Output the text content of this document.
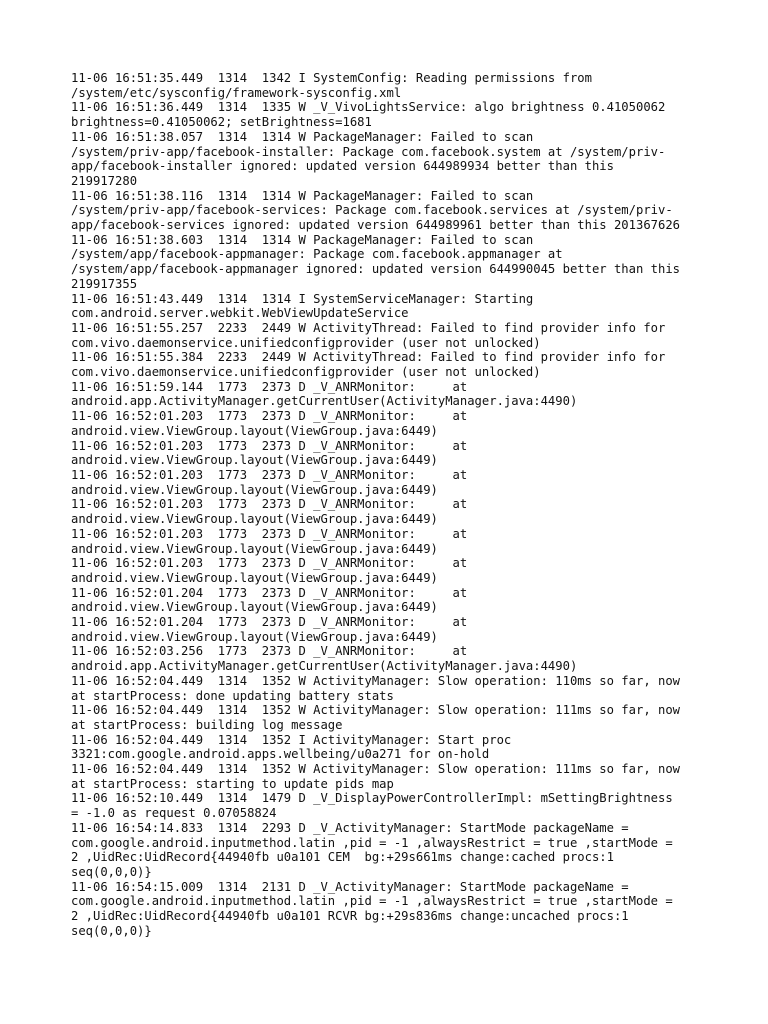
11-06 16:51:35.449  1314  1342 I SystemConfig: Reading permissions from

/system/etc/sysconfig/framework-sysconfig.xml

11-06 16:51:36.449  1314  1335 W _V_VivoLightsService: algo brightness 0.41050062

brightness=0.41050062; setBrightness=1681

11-06 16:51:38.057  1314  1314 W PackageManager: Failed to scan

/system/priv-app/facebook-installer: Package com.facebook.system at /system/priv-

app/facebook-installer ignored: updated version 644989934 better than this

219917280

11-06 16:51:38.116  1314  1314 W PackageManager: Failed to scan

/system/priv-app/facebook-services: Package com.facebook.services at /system/priv-

app/facebook-services ignored: updated version 644989961 better than this 201367626

11-06 16:51:38.603  1314  1314 W PackageManager: Failed to scan

/system/app/facebook-appmanager: Package com.facebook.appmanager at

/system/app/facebook-appmanager ignored: updated version 644990045 better than this

219917355

11-06 16:51:43.449  1314  1314 I SystemServiceManager: Starting

com.android.server.webkit.WebViewUpdateService

11-06 16:51:55.257  2233  2449 W ActivityThread: Failed to find provider info for

com.vivo.daemonservice.unifiedconfigprovider (user not unlocked)

11-06 16:51:55.384  2233  2449 W ActivityThread: Failed to find provider info for

com.vivo.daemonservice.unifiedconfigprovider (user not unlocked)

11-06 16:51:59.144  1773  2373 D _V_ANRMonitor:     at

android.app.ActivityManager.getCurrentUser(ActivityManager.java:4490)

11-06 16:52:01.203  1773  2373 D _V_ANRMonitor:     at

android.view.ViewGroup.layout(ViewGroup.java:6449)

11-06 16:52:01.203  1773  2373 D _V_ANRMonitor:     at

android.view.ViewGroup.layout(ViewGroup.java:6449)

11-06 16:52:01.203  1773  2373 D _V_ANRMonitor:     at

android.view.ViewGroup.layout(ViewGroup.java:6449)

11-06 16:52:01.203  1773  2373 D _V_ANRMonitor:     at

android.view.ViewGroup.layout(ViewGroup.java:6449)

11-06 16:52:01.203  1773  2373 D _V_ANRMonitor:     at

android.view.ViewGroup.layout(ViewGroup.java:6449)

11-06 16:52:01.203  1773  2373 D _V_ANRMonitor:     at

android.view.ViewGroup.layout(ViewGroup.java:6449)

11-06 16:52:01.204  1773  2373 D _V_ANRMonitor:     at

android.view.ViewGroup.layout(ViewGroup.java:6449)

11-06 16:52:01.204  1773  2373 D _V_ANRMonitor:     at

android.view.ViewGroup.layout(ViewGroup.java:6449)

11-06 16:52:03.256  1773  2373 D _V_ANRMonitor:     at

android.app.ActivityManager.getCurrentUser(ActivityManager.java:4490)

11-06 16:52:04.449  1314  1352 W ActivityManager: Slow operation: 110ms so far, now

at startProcess: done updating battery stats

11-06 16:52:04.449  1314  1352 W ActivityManager: Slow operation: 111ms so far, now

at startProcess: building log message

11-06 16:52:04.449  1314  1352 I ActivityManager: Start proc

3321:com.google.android.apps.wellbeing/u0a271 for on-hold

11-06 16:52:04.449  1314  1352 W ActivityManager: Slow operation: 111ms so far, now

at startProcess: starting to update pids map

11-06 16:52:10.449  1314  1479 D _V_DisplayPowerControllerImpl: mSettingBrightness

= -1.0 as request 0.07058824

11-06 16:54:14.833  1314  2293 D _V_ActivityManager: StartMode packageName =

com.google.android.inputmethod.latin ,pid = -1 ,alwaysRestrict = true ,startMode =

2 ,UidRec:UidRecord{44940fb u0a101 CEM  bg:+29s661ms change:cached procs:1

seq(0,0,0)}

11-06 16:54:15.009  1314  2131 D _V_ActivityManager: StartMode packageName =

com.google.android.inputmethod.latin ,pid = -1 ,alwaysRestrict = true ,startMode =

2 ,UidRec:UidRecord{44940fb u0a101 RCVR bg:+29s836ms change:uncached procs:1

seq(0,0,0)}
